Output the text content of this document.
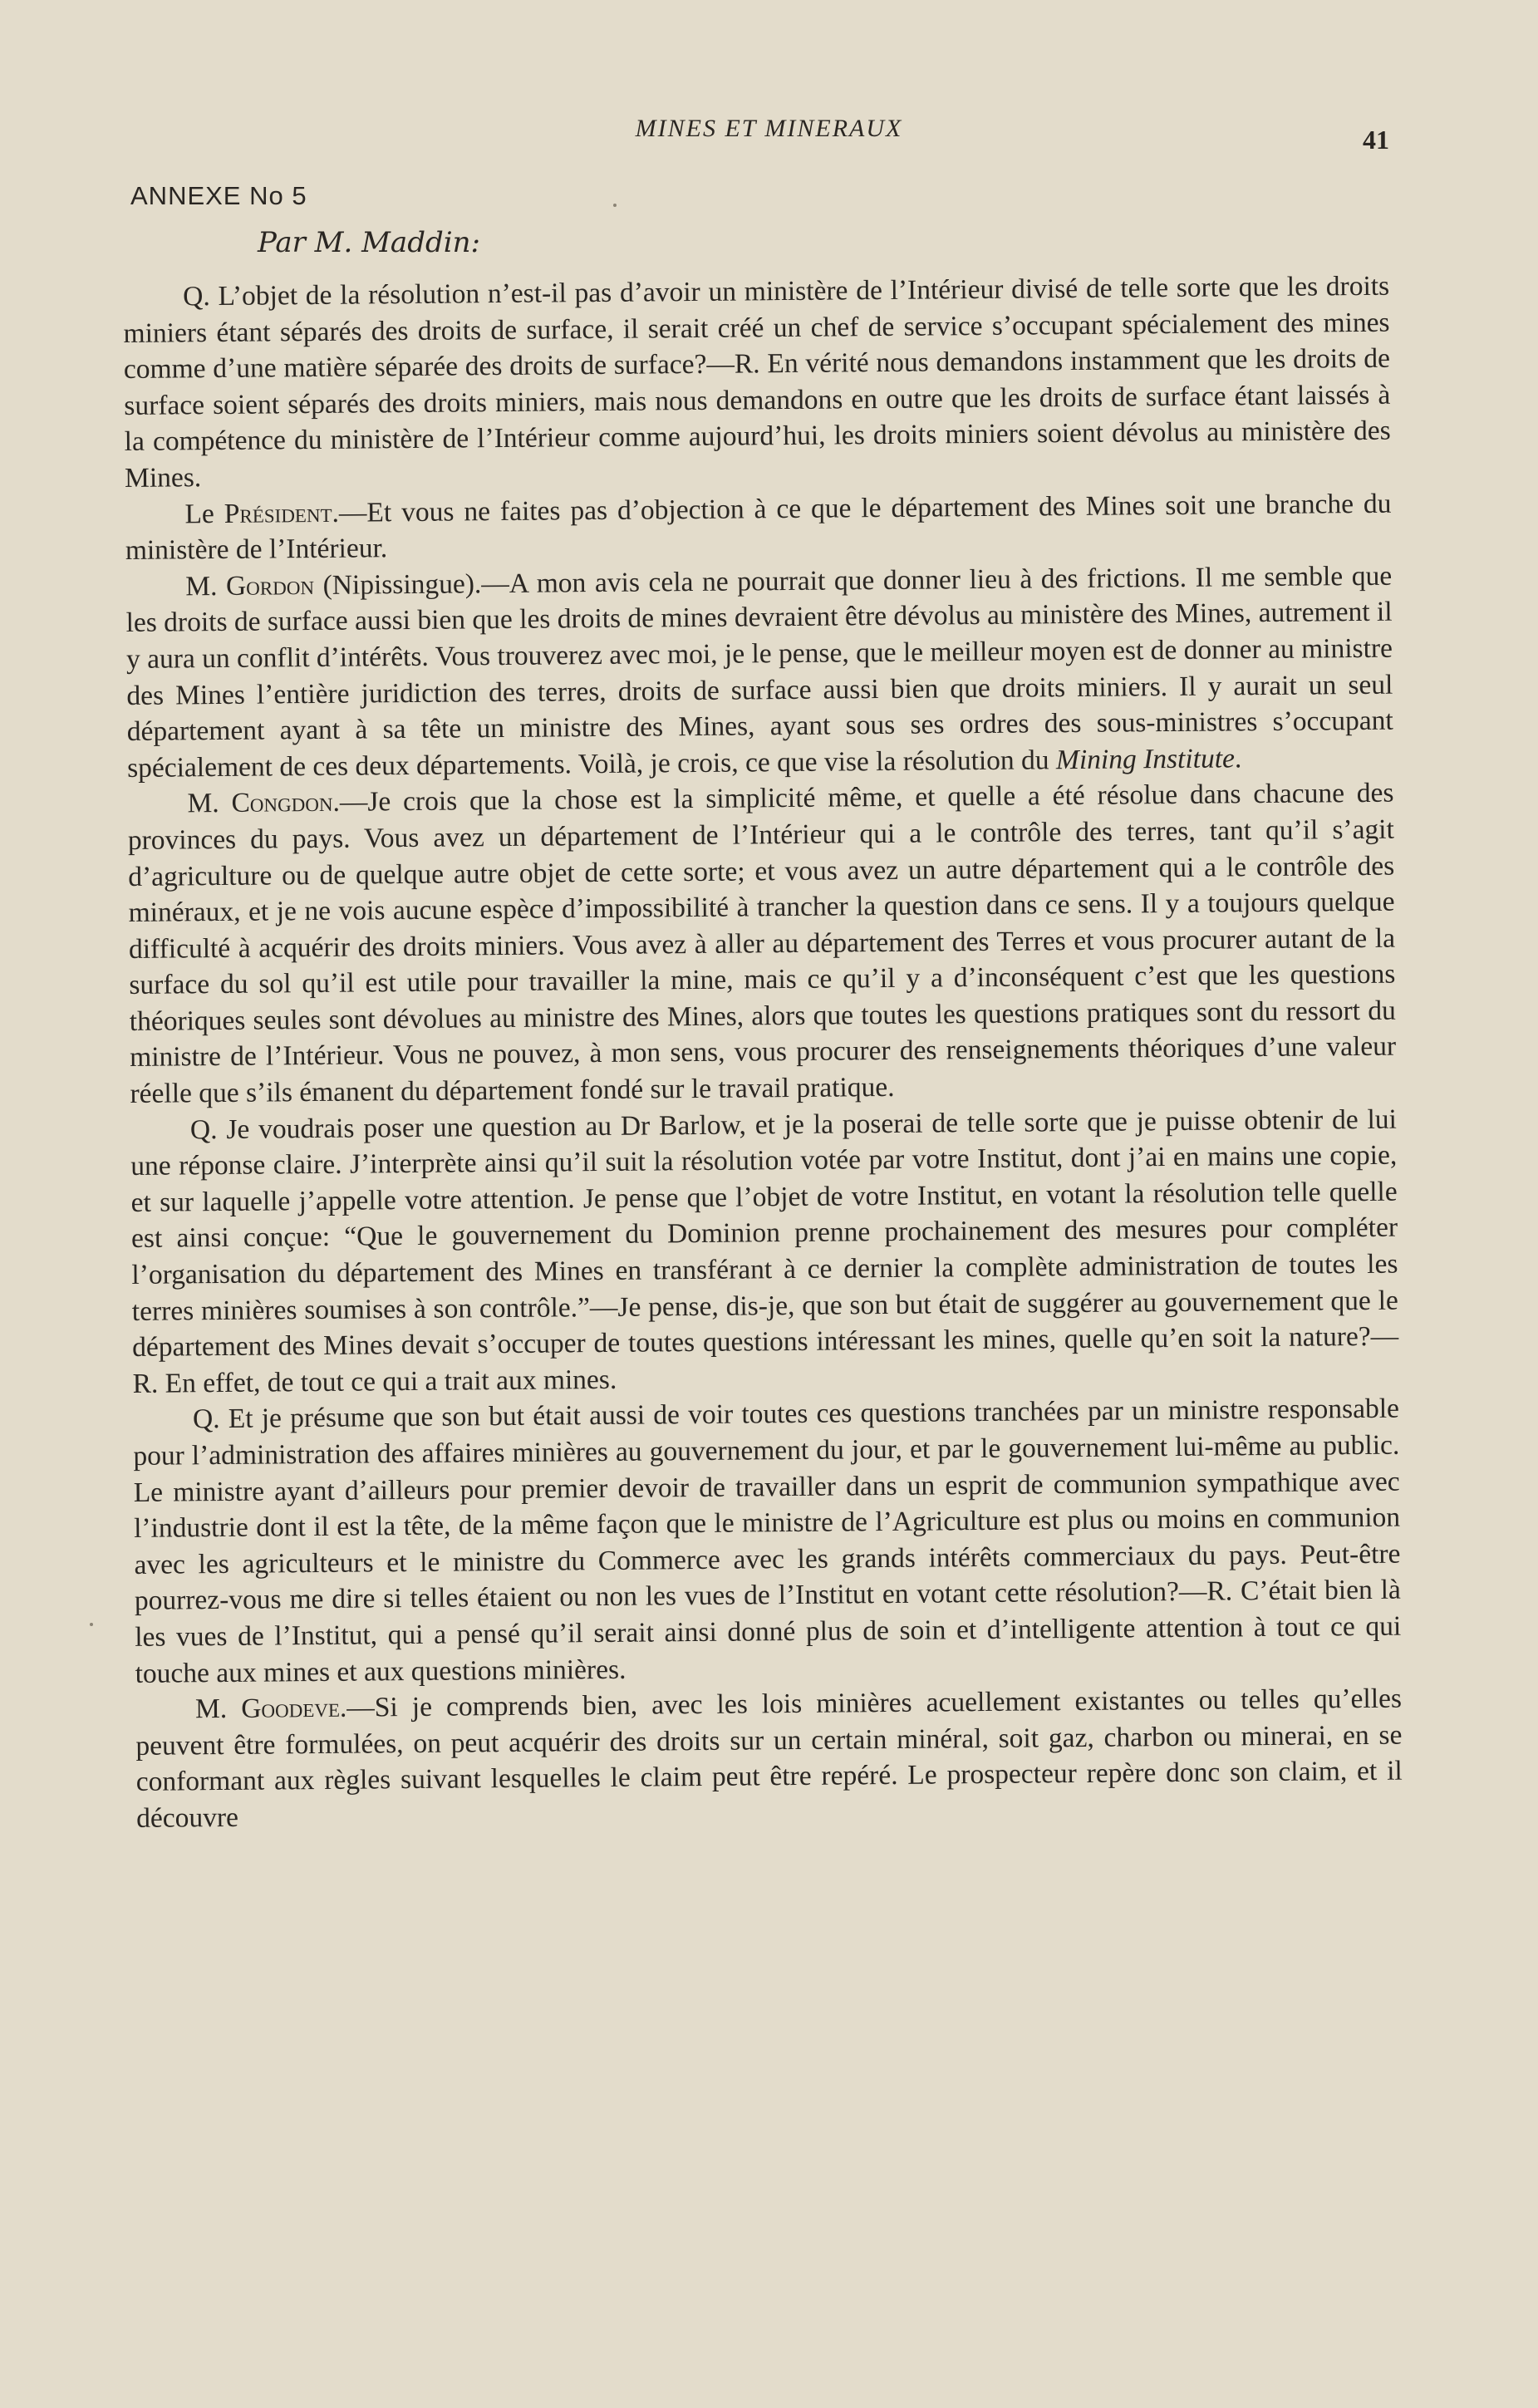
MINES ET MINERAUX	41
ANNEXE No 5
Par M. Maddin:

Q. L’objet de la résolution n’est-il pas d’avoir un ministère de l’Intérieur divisé de telle sorte que les droits miniers étant séparés des droits de surface, il serait créé un chef de service s’occupant spécialement des mines comme d’une matière séparée des droits de surface?—R. En vérité nous demandons instamment que les droits de surface soient séparés des droits miniers, mais nous demandons en outre que les droits de surface étant laissés à la compétence du ministère de l’Intérieur comme aujourd’hui, les droits miniers soient dévolus au ministère des Mines.

Le Président.—Et vous ne faites pas d’objection à ce que le département des Mines soit une branche du ministère de l’Intérieur.

M. Gordon (Nipissingue).—A mon avis cela ne pourrait que donner lieu à des frictions. Il me semble que les droits de surface aussi bien que les droits de mines devraient être dévolus au ministère des Mines, autrement il y aura un conflit d’intérêts. Vous trouverez avec moi, je le pense, que le meilleur moyen est de donner au ministre des Mines l’entière juridiction des terres, droits de surface aussi bien que droits miniers. Il y aurait un seul département ayant à sa tête un ministre des Mines, ayant sous ses ordres des sous-ministres s’occupant spécialement de ces deux départements. Voilà, je crois, ce que vise la résolution du Mining Institute.

M. Congdon.—Je crois que la chose est la simplicité même, et quelle a été résolue dans chacune des provinces du pays. Vous avez un département de l’Intérieur qui a le contrôle des terres, tant qu’il s’agit d’agriculture ou de quelque autre objet de cette sorte; et vous avez un autre département qui a le contrôle des minéraux, et je ne vois aucune espèce d’impossibilité à trancher la question dans ce sens. Il y a toujours quelque difficulté à acquérir des droits miniers. Vous avez à aller au département des Terres et vous procurer autant de la surface du sol qu’il est utile pour travailler la mine, mais ce qu’il y a d’inconséquent c’est que les questions théoriques seules sont dévolues au ministre des Mines, alors que toutes les questions pratiques sont du ressort du ministre de l’Intérieur. Vous ne pouvez, à mon sens, vous procurer des renseignements théoriques d’une valeur réelle que s’ils émanent du département fondé sur le travail pratique.

Q. Je voudrais poser une question au Dr Barlow, et je la poserai de telle sorte que je puisse obtenir de lui une réponse claire. J’interprète ainsi qu’il suit la résolution votée par votre Institut, dont j’ai en mains une copie, et sur laquelle j’appelle votre attention. Je pense que l’objet de votre Institut, en votant la résolution telle quelle est ainsi conçue: “Que le gouvernement du Dominion prenne prochainement des mesures pour compléter l’organisation du département des Mines en transférant à ce dernier la complète administration de toutes les terres minières soumises à son contrôle.”—Je pense, dis-je, que son but était de suggérer au gouvernement que le département des Mines devait s’occuper de toutes questions intéressant les mines, quelle qu’en soit la nature?—R. En effet, de tout ce qui a trait aux mines.

Q. Et je présume que son but était aussi de voir toutes ces questions tranchées par un ministre responsable pour l’administration des affaires minières au gouvernement du jour, et par le gouvernement lui-même au public. Le ministre ayant d’ailleurs pour premier devoir de travailler dans un esprit de communion sympathique avec l’industrie dont il est la tête, de la même façon que le ministre de l’Agriculture est plus ou moins en communion avec les agriculteurs et le ministre du Commerce avec les grands intérêts commerciaux du pays. Peut-être pourrez-vous me dire si telles étaient ou non les vues de l’Institut en votant cette résolution?—R. C’était bien là les vues de l’Institut, qui a pensé qu’il serait ainsi donné plus de soin et d’intelligente attention à tout ce qui touche aux mines et aux questions minières.

M. Goodeve.—Si je comprends bien, avec les lois minières acuellement existantes ou telles qu’elles peuvent être formulées, on peut acquérir des droits sur un certain minéral, soit gaz, charbon ou minerai, en se conformant aux règles suivant lesquelles le claim peut être repéré. Le prospecteur repère donc son claim, et il découvre
